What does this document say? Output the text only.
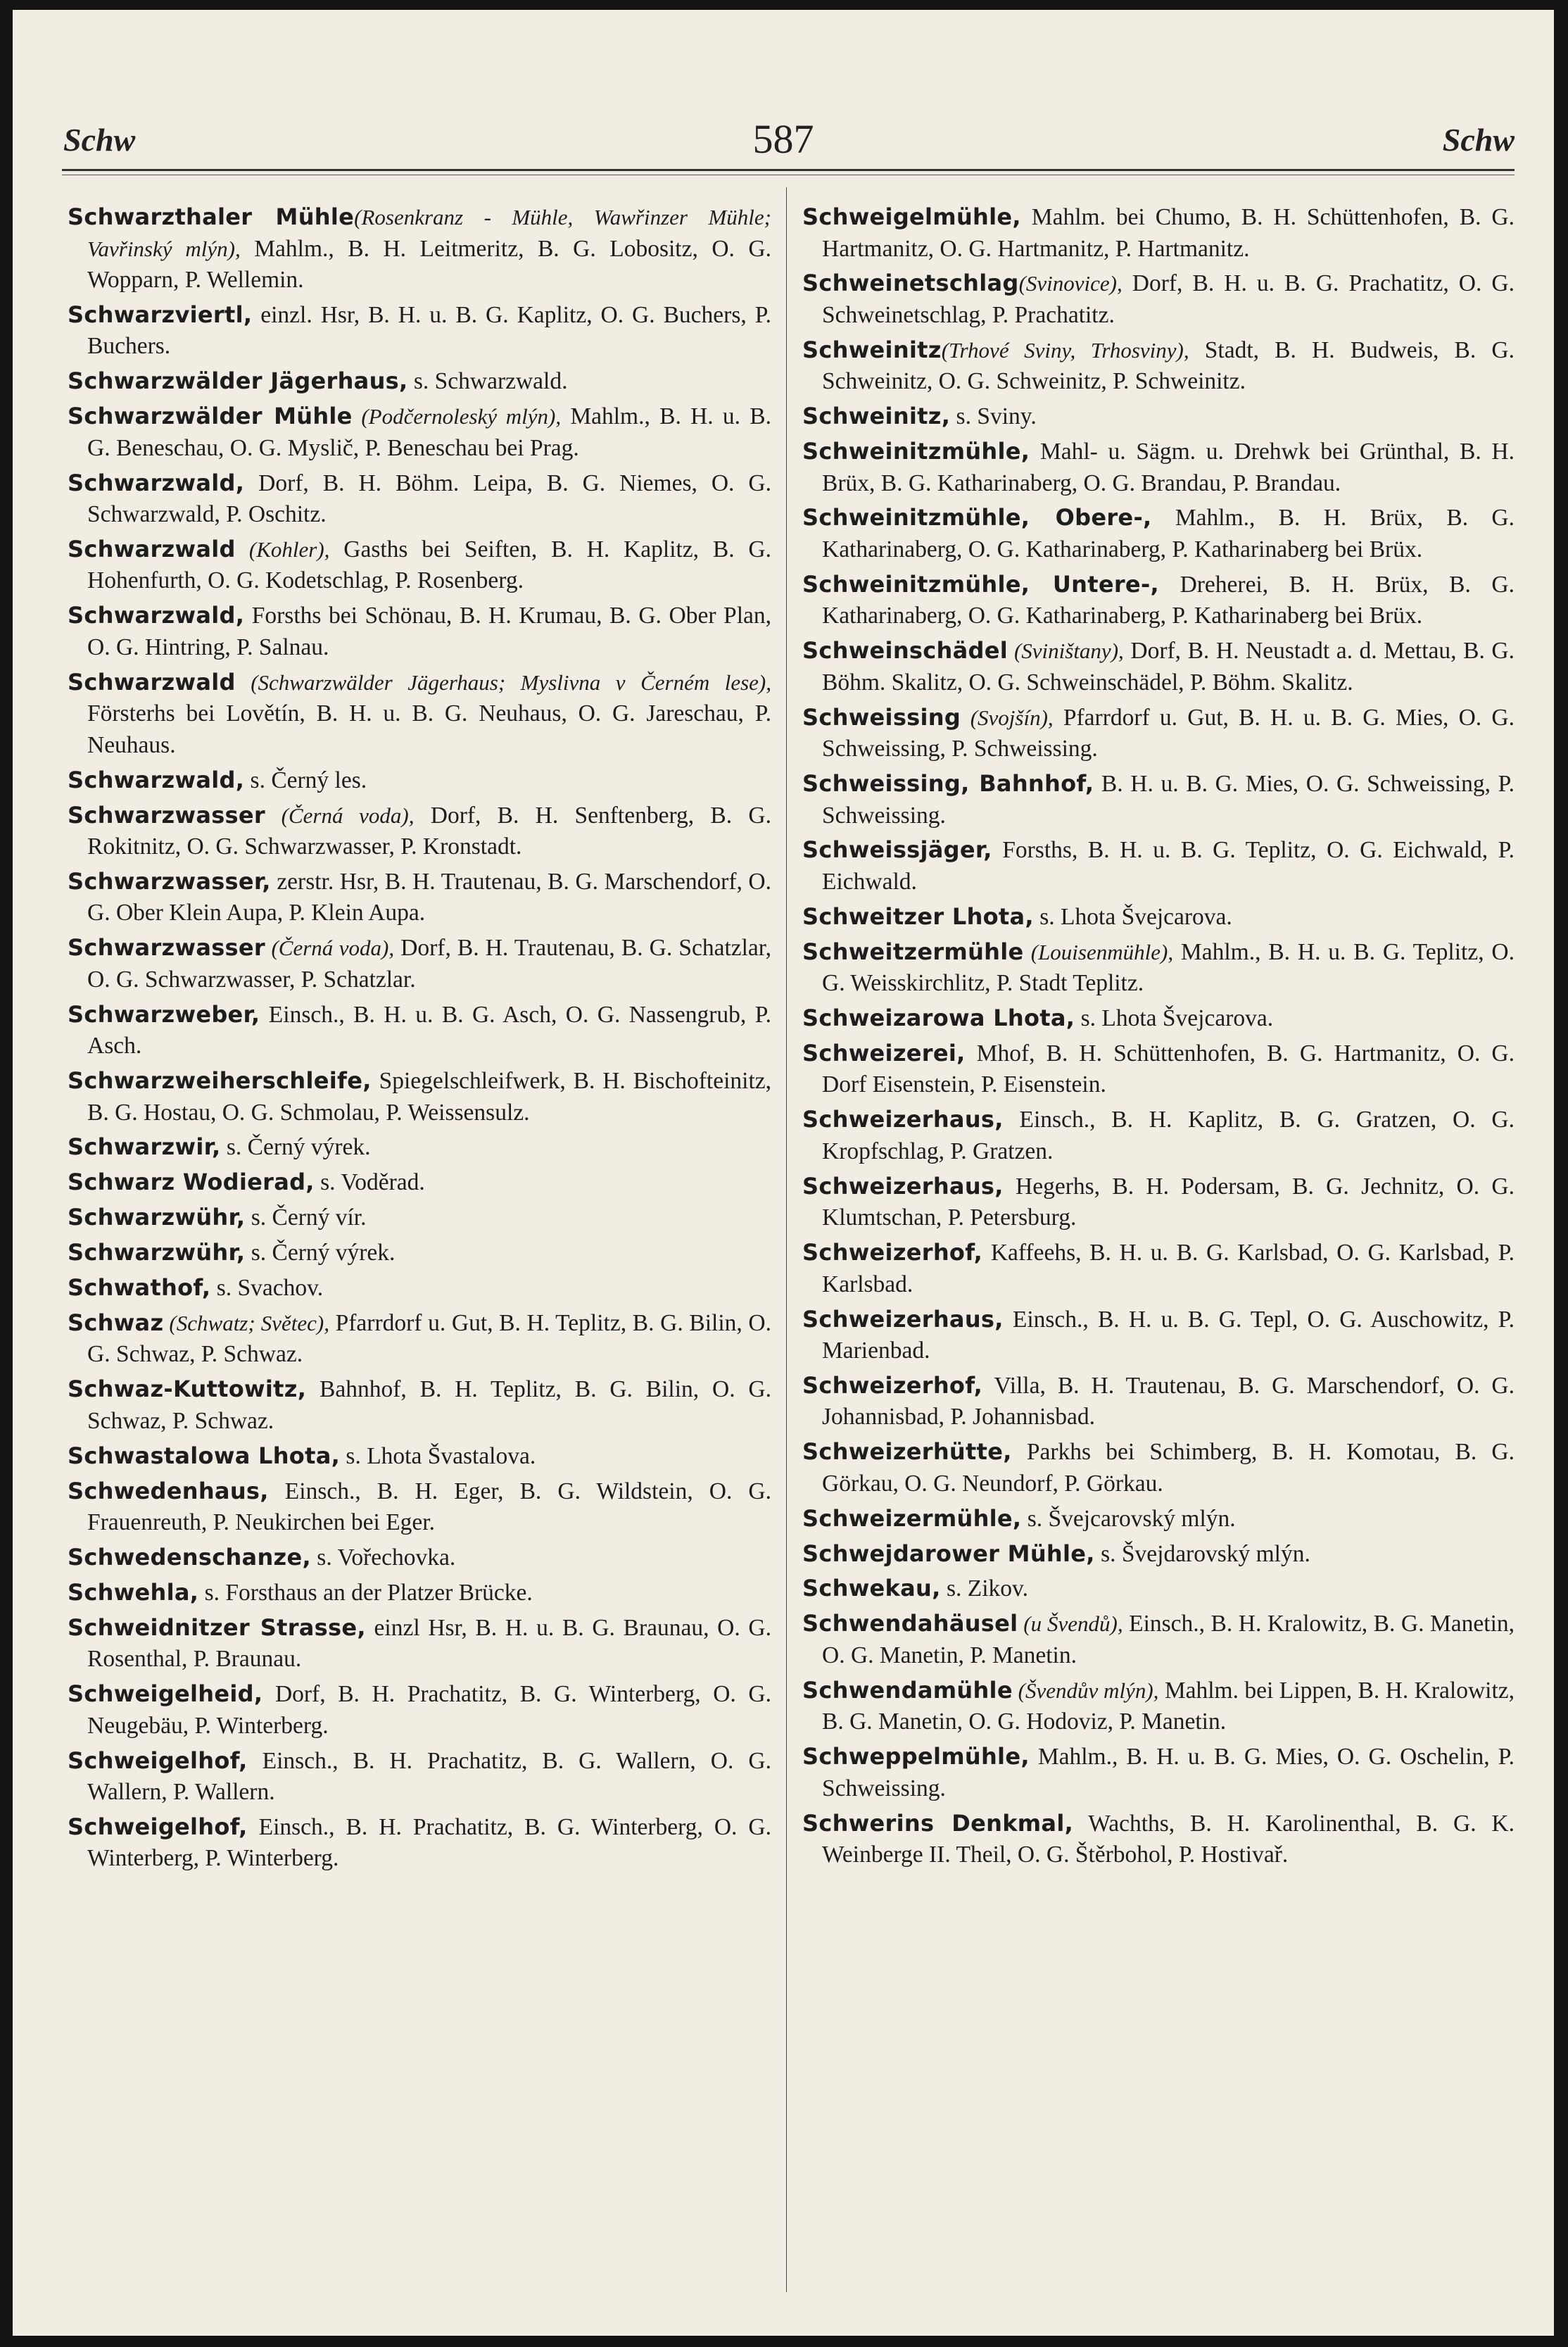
Schw	587	Schw
Schwarzthaler Mühle(Rosenkranz - Mühle, Wawřinzer Mühle; Vavřinský mlýn), Mahlm., B. H. Leitmeritz, B. G. Lobositz, O. G. Wopparn, P. Wellemin.
Schwarzviertl, einzl. Hsr, B. H. u. B. G. Kaplitz, O. G. Buchers, P. Buchers.
Schwarzwälder Jägerhaus, s. Schwarzwald.
Schwarzwälder Mühle (Podčernoleský mlýn), Mahlm., B. H. u. B. G. Beneschau, O. G. Myslič, P. Beneschau bei Prag.
Schwarzwald, Dorf, B. H. Böhm. Leipa, B. G. Niemes, O. G. Schwarzwald, P. Oschitz.
Schwarzwald (Kohler), Gasths bei Seiften, B. H. Kaplitz, B. G. Hohenfurth, O. G. Kodetschlag, P. Rosenberg.
Schwarzwald, Forsths bei Schönau, B. H. Krumau, B. G. Ober Plan, O. G. Hintring, P. Salnau.
Schwarzwald (Schwarzwälder Jägerhaus; Myslivna v Černém lese), Försterhs bei Lovětín, B. H. u. B. G. Neuhaus, O. G. Jareschau, P. Neuhaus.
Schwarzwald, s. Černý les.
Schwarzwasser (Černá voda), Dorf, B. H. Senftenberg, B. G. Rokitnitz, O. G. Schwarzwasser, P. Kronstadt.
Schwarzwasser, zerstr. Hsr, B. H. Trautenau, B. G. Marschendorf, O. G. Ober Klein Aupa, P. Klein Aupa.
Schwarzwasser (Černá voda), Dorf, B. H. Trautenau, B. G. Schatzlar, O. G. Schwarzwasser, P. Schatzlar.
Schwarzweber, Einsch., B. H. u. B. G. Asch, O. G. Nassengrub, P. Asch.
Schwarzweiherschleife, Spiegelschleifwerk, B. H. Bischofteinitz, B. G. Hostau, O. G. Schmolau, P. Weissensulz.
Schwarzwir, s. Černý výrek.
Schwarz Wodierad, s. Voděrad.
Schwarzwühr, s. Černý vír.
Schwarzwühr, s. Černý výrek.
Schwathof, s. Svachov.
Schwaz (Schwatz; Světec), Pfarrdorf u. Gut, B. H. Teplitz, B. G. Bilin, O. G. Schwaz, P. Schwaz.
Schwaz-Kuttowitz, Bahnhof, B. H. Teplitz, B. G. Bilin, O. G. Schwaz, P. Schwaz.
Schwastalowa Lhota, s. Lhota Švastalova.
Schwedenhaus, Einsch., B. H. Eger, B. G. Wildstein, O. G. Frauenreuth, P. Neukirchen bei Eger.
Schwedenschanze, s. Vořechovka.
Schwehla, s. Forsthaus an der Platzer Brücke.
Schweidnitzer Strasse, einzl Hsr, B. H. u. B. G. Braunau, O. G. Rosenthal, P. Braunau.
Schweigelheid, Dorf, B. H. Prachatitz, B. G. Winterberg, O. G. Neugebäu, P. Winterberg.
Schweigelhof, Einsch., B. H. Prachatitz, B. G. Wallern, O. G. Wallern, P. Wallern.
Schweigelhof, Einsch., B. H. Prachatitz, B. G. Winterberg, O. G. Winterberg, P. Winterberg.
Schweigelmühle, Mahlm. bei Chumo, B. H. Schüttenhofen, B. G. Hartmanitz, O. G. Hartmanitz, P. Hartmanitz.
Schweinetschlag(Svinovice), Dorf, B. H. u. B. G. Prachatitz, O. G. Schweinetschlag, P. Prachatitz.
Schweinitz(Trhové Sviny, Trhosviny), Stadt, B. H. Budweis, B. G. Schweinitz, O. G. Schweinitz, P. Schweinitz.
Schweinitz, s. Sviny.
Schweinitzmühle, Mahl- u. Sägm. u. Drehwk bei Grünthal, B. H. Brüx, B. G. Katharinaberg, O. G. Brandau, P. Brandau.
Schweinitzmühle, Obere-, Mahlm., B. H. Brüx, B. G. Katharinaberg, O. G. Katharinaberg, P. Katharinaberg bei Brüx.
Schweinitzmühle, Untere-, Dreherei, B. H. Brüx, B. G. Katharinaberg, O. G. Katharinaberg, P. Katharinaberg bei Brüx.
Schweinschädel (Sviništany), Dorf, B. H. Neustadt a. d. Mettau, B. G. Böhm. Skalitz, O. G. Schweinschädel, P. Böhm. Skalitz.
Schweissing (Svojšín), Pfarrdorf u. Gut, B. H. u. B. G. Mies, O. G. Schweissing, P. Schweissing.
Schweissing, Bahnhof, B. H. u. B. G. Mies, O. G. Schweissing, P. Schweissing.
Schweissjäger, Forsths, B. H. u. B. G. Teplitz, O. G. Eichwald, P. Eichwald.
Schweitzer Lhota, s. Lhota Švejcarova.
Schweitzermühle (Louisenmühle), Mahlm., B. H. u. B. G. Teplitz, O. G. Weisskirchlitz, P. Stadt Teplitz.
Schweizarowa Lhota, s. Lhota Švejcarova.
Schweizerei, Mhof, B. H. Schüttenhofen, B. G. Hartmanitz, O. G. Dorf Eisenstein, P. Eisenstein.
Schweizerhaus, Einsch., B. H. Kaplitz, B. G. Gratzen, O. G. Kropfschlag, P. Gratzen.
Schweizerhaus, Hegerhs, B. H. Podersam, B. G. Jechnitz, O. G. Klumtschan, P. Petersburg.
Schweizerhof, Kaffeehs, B. H. u. B. G. Karlsbad, O. G. Karlsbad, P. Karlsbad.
Schweizerhaus, Einsch., B. H. u. B. G. Tepl, O. G. Auschowitz, P. Marienbad.
Schweizerhof, Villa, B. H. Trautenau, B. G. Marschendorf, O. G. Johannisbad, P. Johannisbad.
Schweizerhütte, Parkhs bei Schimberg, B. H. Komotau, B. G. Görkau, O. G. Neundorf, P. Görkau.
Schweizermühle, s. Švejcarovský mlýn.
Schwejdarower Mühle, s. Švejdarovský mlýn.
Schwekau, s. Zikov.
Schwendahäusel (u Švendů), Einsch., B. H. Kralowitz, B. G. Manetin, O. G. Manetin, P. Manetin.
Schwendamühle (Švendův mlýn), Mahlm. bei Lippen, B. H. Kralowitz, B. G. Manetin, O. G. Hodoviz, P. Manetin.
Schweppelmühle, Mahlm., B. H. u. B. G. Mies, O. G. Oschelin, P. Schweissing.
Schwerins Denkmal, Wachths, B. H. Karolinenthal, B. G. K. Weinberge II. Theil, O. G. Štěrbohol, P. Hostivař.
